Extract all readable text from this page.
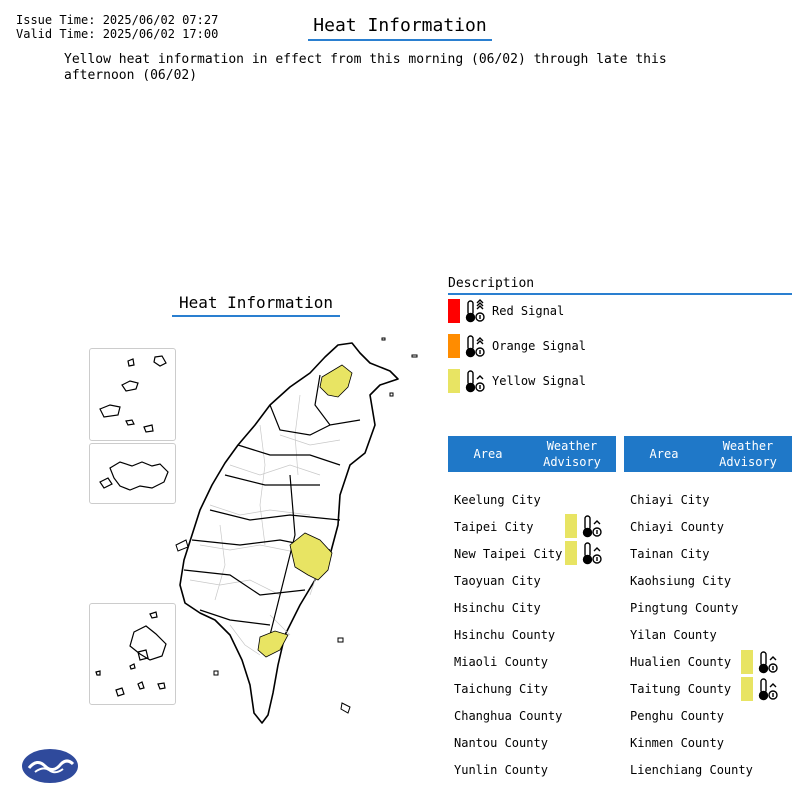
Issue Time: 2025/06/02 07:27
Valid Time: 2025/06/02 17:00	Heat Information
Yellow heat information in effect from this morning (06/02) through late this afternoon (06/02)
Heat Information
Description
Red Signal
Orange Signal
Yellow Signal
Area
Weather
Advisory
Keelung City
Taipei City
New Taipei City
Taoyuan City
Hsinchu City
Hsinchu County
Miaoli County
Taichung City
Changhua County
Nantou County
Yunlin County
Area
Weather
Advisory
Chiayi City
Chiayi County
Tainan City
Kaohsiung City
Pingtung County
Yilan County
Hualien County
Taitung County
Penghu County
Kinmen County
Lienchiang County
